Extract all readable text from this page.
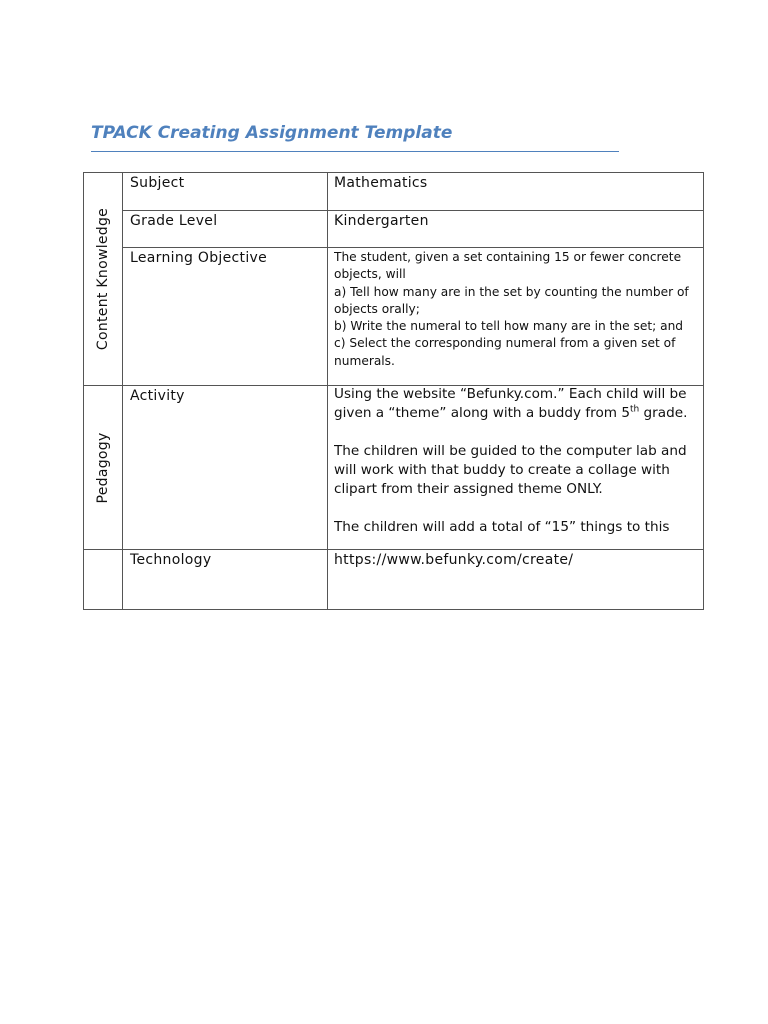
TPACK Creating Assignment Template
Content Knowledge	Subject	Mathematics

	Grade Level	Kindergarten

	Learning Objective	The student, given a set containing 15 or fewer concrete objects, will
a) Tell how many are in the set by counting the number of objects orally;
b) Write the numeral to tell how many are in the set; and
c) Select the corresponding numeral from a given set of numerals.

Pedagogy	Activity	Using the website “Befunky.com.” Each child will be given a “theme” along with a buddy from 5th grade.

The children will be guided to the computer lab and will work with that buddy to create a collage with clipart from their assigned theme ONLY.

The children will add a total of “15” things to this

	Technology	https://www.befunky.com/create/
